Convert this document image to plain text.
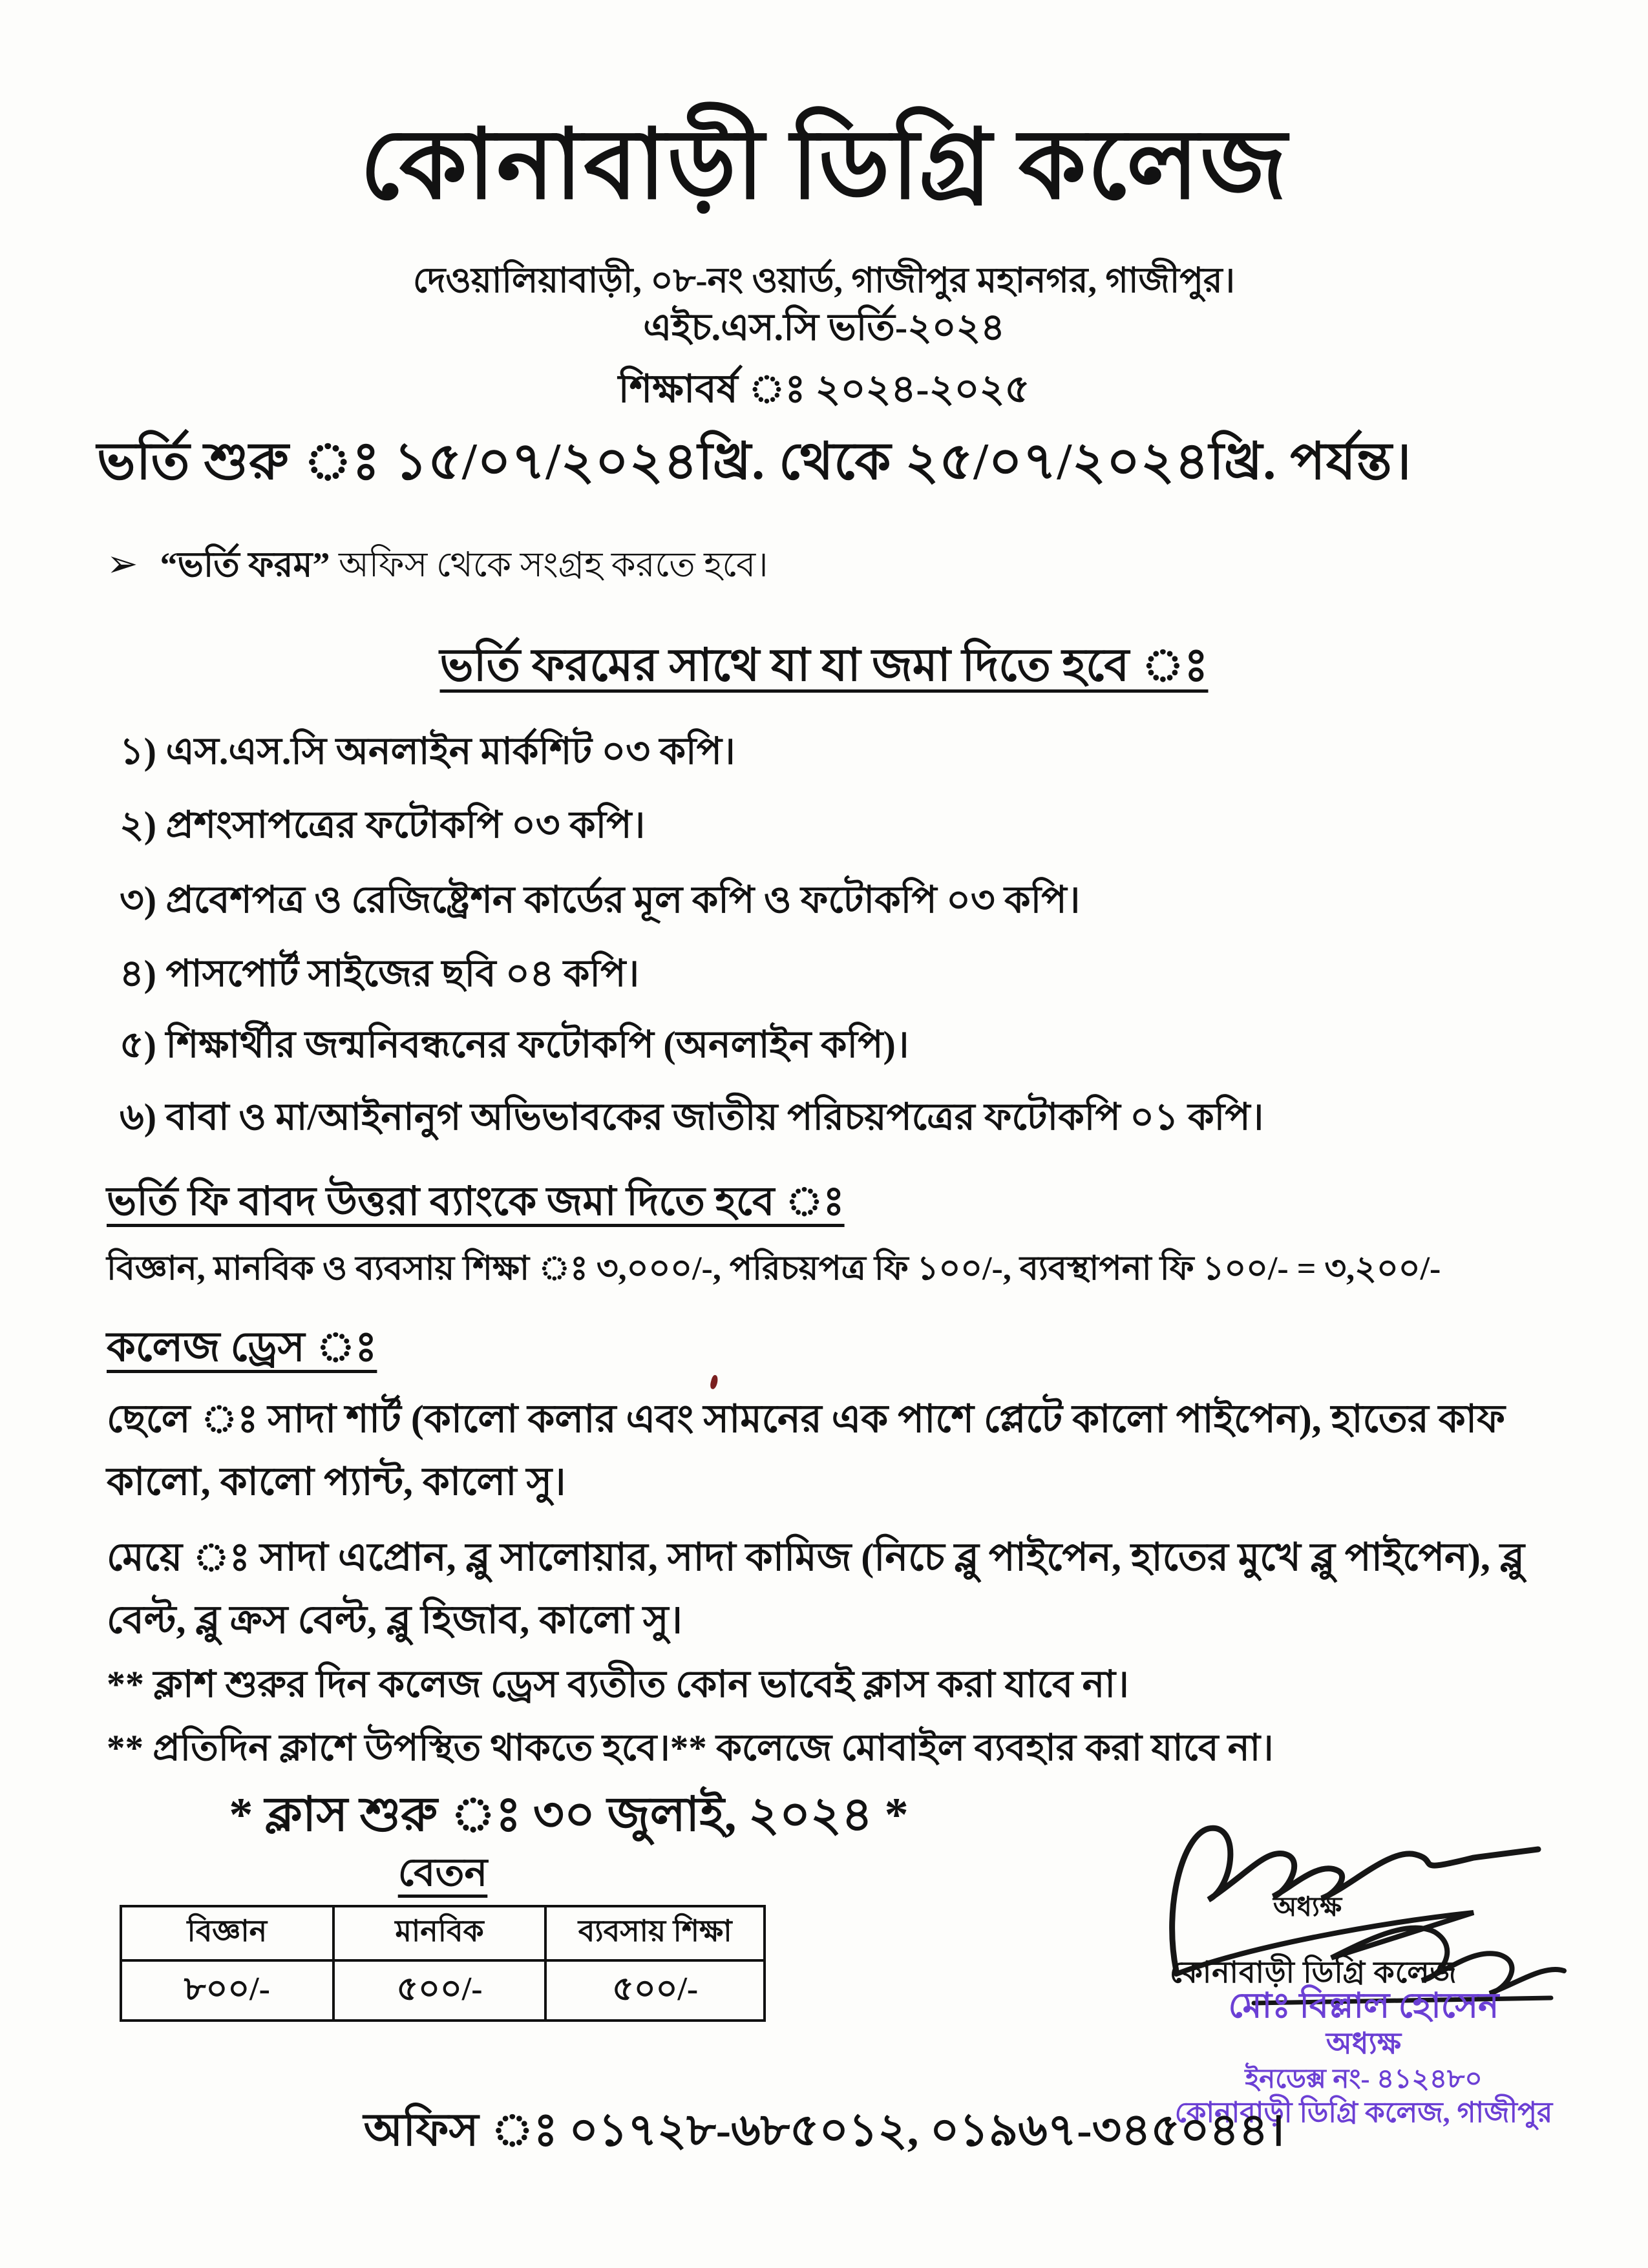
কোনাবাড়ী ডিগ্রি কলেজ
দেওয়ালিয়াবাড়ী, ০৮-নং ওয়ার্ড, গাজীপুর মহানগর, গাজীপুর।
এইচ.এস.সি ভর্তি-২০২৪
শিক্ষাবর্ষ ঃ ২০২৪-২০২৫
ভর্তি শুরু ঃ ১৫/০৭/২০২৪খ্রি. থেকে ২৫/০৭/২০২৪খ্রি. পর্যন্ত।
➢ “ভর্তি ফরম” অফিস থেকে সংগ্রহ করতে হবে।
ভর্তি ফরমের সাথে যা যা জমা দিতে হবে ঃ
১) এস.এস.সি অনলাইন মার্কশিট ০৩ কপি।
২) প্রশংসাপত্রের ফটোকপি ০৩ কপি।
৩) প্রবেশপত্র ও রেজিষ্ট্রেশন কার্ডের মূল কপি ও ফটোকপি ০৩ কপি।
৪) পাসপোর্ট সাইজের ছবি ০৪ কপি।
৫) শিক্ষার্থীর জন্মনিবন্ধনের ফটোকপি (অনলাইন কপি)।
৬) বাবা ও মা/আইনানুগ অভিভাবকের জাতীয় পরিচয়পত্রের ফটোকপি ০১ কপি।
ভর্তি ফি বাবদ উত্তরা ব্যাংকে জমা দিতে হবে ঃ
বিজ্ঞান, মানবিক ও ব্যবসায় শিক্ষা ঃ ৩,০০০/-, পরিচয়পত্র ফি ১০০/-, ব্যবস্থাপনা ফি ১০০/- = ৩,২০০/-
কলেজ ড্রেস ঃ
ছেলে ঃ সাদা শার্ট (কালো কলার এবং সামনের এক পাশে প্লেটে কালো পাইপেন), হাতের কাফ কালো, কালো প্যান্ট, কালো সু।
মেয়ে ঃ সাদা এপ্রোন, ব্লু সালোয়ার, সাদা কামিজ (নিচে ব্লু পাইপেন, হাতের মুখে ব্লু পাইপেন), ব্লু বেল্ট, ব্লু ক্রস বেল্ট, ব্লু হিজাব, কালো সু।
** ক্লাশ শুরুর দিন কলেজ ড্রেস ব্যতীত কোন ভাবেই ক্লাস করা যাবে না।
** প্রতিদিন ক্লাশে উপস্থিত থাকতে হবে।** কলেজে মোবাইল ব্যবহার করা যাবে না।
* ক্লাস শুরু ঃ ৩০ জুলাই, ২০২৪ *
বেতন
বিজ্ঞান	মানবিক	ব্যবসায় শিক্ষা
৮০০/-	৫০০/-	৫০০/-
অধ্যক্ষ
কোনাবাড়ী ডিগ্রি কলেজ
মোঃ বিল্লাল হোসেন
অধ্যক্ষ
ইনডেক্স নং- ৪১২৪৮০
কোনাবাড়ী ডিগ্রি কলেজ, গাজীপুর
অফিস ঃ ০১৭২৮-৬৮৫০১২, ০১৯৬৭-৩৪৫০৪৪।
